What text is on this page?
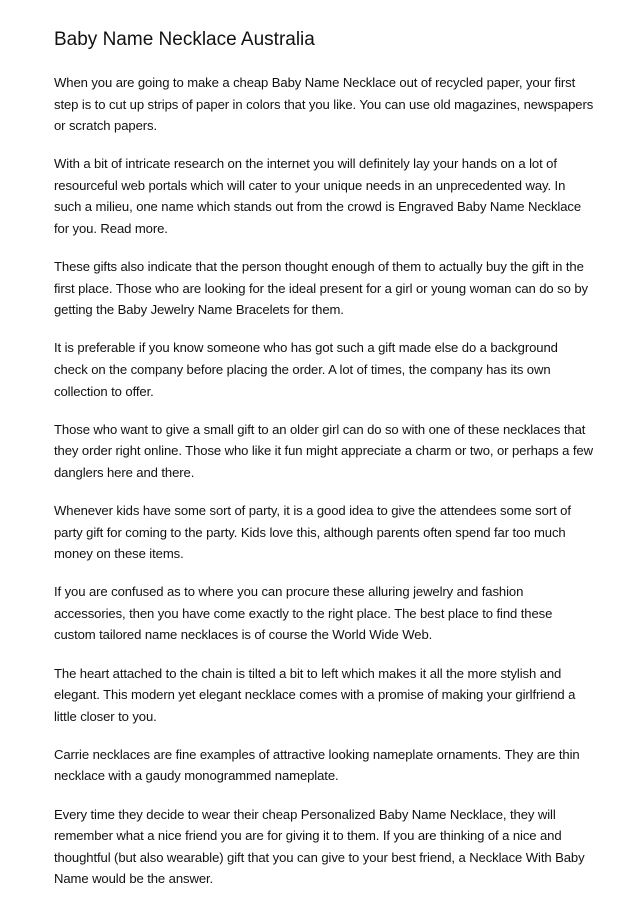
Baby Name Necklace Australia

When you are going to make a cheap Baby Name Necklace out of recycled paper, your first step is to cut up strips of paper in colors that you like. You can use old magazines, newspapers or scratch papers.

With a bit of intricate research on the internet you will definitely lay your hands on a lot of resourceful web portals which will cater to your unique needs in an unprecedented way. In such a milieu, one name which stands out from the crowd is Engraved Baby Name Necklace for you. Read more.

These gifts also indicate that the person thought enough of them to actually buy the gift in the first place. Those who are looking for the ideal present for a girl or young woman can do so by getting the Baby Jewelry Name Bracelets for them.

It is preferable if you know someone who has got such a gift made else do a background check on the company before placing the order. A lot of times, the company has its own collection to offer.

Those who want to give a small gift to an older girl can do so with one of these necklaces that they order right online. Those who like it fun might appreciate a charm or two, or perhaps a few danglers here and there.

Whenever kids have some sort of party, it is a good idea to give the attendees some sort of party gift for coming to the party. Kids love this, although parents often spend far too much money on these items.

If you are confused as to where you can procure these alluring jewelry and fashion accessories, then you have come exactly to the right place. The best place to find these custom tailored name necklaces is of course the World Wide Web.

The heart attached to the chain is tilted a bit to left which makes it all the more stylish and elegant. This modern yet elegant necklace comes with a promise of making your girlfriend a little closer to you.

Carrie necklaces are fine examples of attractive looking nameplate ornaments. They are thin necklace with a gaudy monogrammed nameplate.

Every time they decide to wear their cheap Personalized Baby Name Necklace, they will remember what a nice friend you are for giving it to them. If you are thinking of a nice and thoughtful (but also wearable) gift that you can give to your best friend, a Necklace With Baby Name would be the answer.
